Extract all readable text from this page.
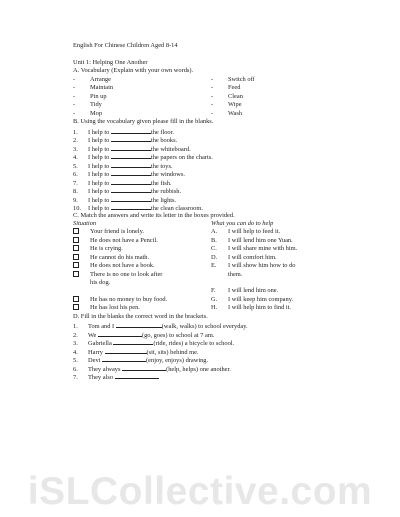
English For Chinese Children Aged 8-14
Unit 1: Helping One Another
A. Vocabulary (Explain with your own words).
- Arrange	- Switch off
- Maintain	- Feed
- Pin up	- Clean
- Tidy	- Wipe
- Mop	- Wash
B. Using the vocabulary given please fill in the blanks.
1. I help to	the floor.
2. I help to	the books.
3. I help to	the whiteboard.
4. I help to	the papers on the charts.
5. I help to	the toys.
6. I help to	the windows.
7. I help to	the fish.
8. I help to	the rubbish.
9. I help to	the lights.
10. I help to	the clean classroom.
C. Match the answers and write its letter in the boxes provided.
Situation	What you can do to help
Your friend is lonely.	A. I will help to feed it.
He does not have a Pencil.	B. I will lend him one Yuan.
He is crying.	C. I will share mine with him.
He cannot do his math.	D. I will comfort him.
He does not have a book.	E. I will show him how to do
There is no one to look after	them.
his dog.
F. I will lend him one.
He has no money to buy food.	G. I will keep him company.
He has lost his pen.	H. I will help him to find it.
D. Fill in the blanks the correct word in the brackets.
1. Tom and I	(walk, walks) to school everyday.
2. We	(go, goes) to school at 7 am.
3. Gabriella	(ride, rides) a bicycle to school.
4. Harry	(sit, sits) behind me.
5. Devi	(enjoy, enjoys) drawing.
6. They always	(help, helps) one another.
7. They also
iSLCollective.com
